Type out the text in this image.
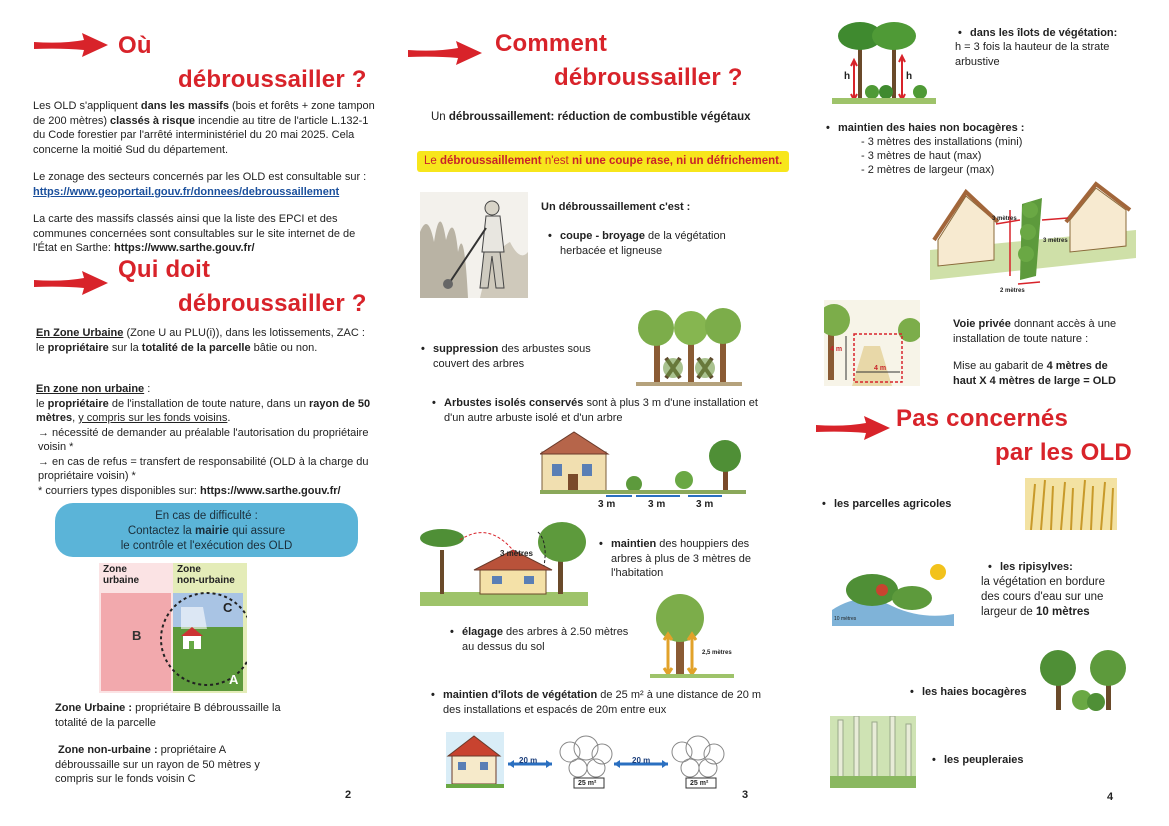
Où
débroussailler ?
Les OLD s'appliquent dans les massifs (bois et forêts + zone tampon de 200 mètres) classés à risque incendie au titre de l'article L.132-1 du Code forestier par l'arrêté interministériel du 20 mai 2025. Cela concerne la moitié Sud du département.
Le zonage des secteurs concernés par les OLD est consultable sur :
https://www.geoportail.gouv.fr/donnees/debroussaillement
La carte des massifs classés ainsi que la liste des EPCI et des communes concernées sont consultables sur le site internet de de l'État en Sarthe: https://www.sarthe.gouv.fr/
Qui doit
débroussailler ?
En Zone Urbaine (Zone U au PLU(i)), dans les lotissements, ZAC :
le propriétaire sur la totalité de la parcelle bâtie ou non.
En zone non urbaine :
le propriétaire de l'installation de toute nature, dans un rayon de 50 mètres, y compris sur les fonds voisins.
→ nécessité de demander au préalable l'autorisation du propriétaire voisin *
→ en cas de refus = transfert de responsabilité (OLD à la charge du propriétaire voisin) *
* courriers types disponibles sur: https://www.sarthe.gouv.fr/
En cas de difficulté :
Contactez la mairie qui assure
le contrôle et l'exécution des OLD
Zone
urbaine
Zone
non-urbaine
B
C
A
Zone Urbaine : propriétaire B débroussaille la totalité de la parcelle
Zone non-urbaine : propriétaire A débroussaille sur un rayon de 50 mètres y compris sur le fonds voisin C
2
Comment
débroussailler ?
Un débroussaillement: réduction de combustible végétaux
Le débroussaillement n'est ni une coupe rase, ni un défrichement.
Un débroussaillement c'est :
• coupe - broyage de la végétation herbacée et ligneuse
• suppression des arbustes sous couvert des arbres
• Arbustes isolés conservés sont à plus 3 m d'une installation et d'un autre arbuste isolé et d'un arbre
3 m	3 m	3 m
3 mètres
• maintien des houppiers des arbres à plus de 3 mètres de l'habitation
2,5 mètres
• élagage des arbres à 2.50 mètres au dessus du sol
• maintien d'îlots de végétation de 25 m² à une distance de 20 m des installations et espacés de 20m entre eux
20 m	20 m
25 m²	25 m²
3
h	h
• dans les îlots de végétation:
h = 3 fois la hauteur de la strate arbustive
• maintien des haies non bocagères :
- 3 mètres des installations (mini)
- 3 mètres de haut (max)
- 2 mètres de largeur (max)
3 mètres
3 mètres
2 mètres
4 m
4 m
Voie privée donnant accès à une installation de toute nature :
Mise au gabarit de 4 mètres de haut X 4 mètres de large = OLD
Pas concernés
par les OLD
• les parcelles agricoles
10 mètres
• les ripisylves:
la végétation en bordure des cours d'eau sur une largeur de 10 mètres
• les haies bocagères
• les peupleraies
4
